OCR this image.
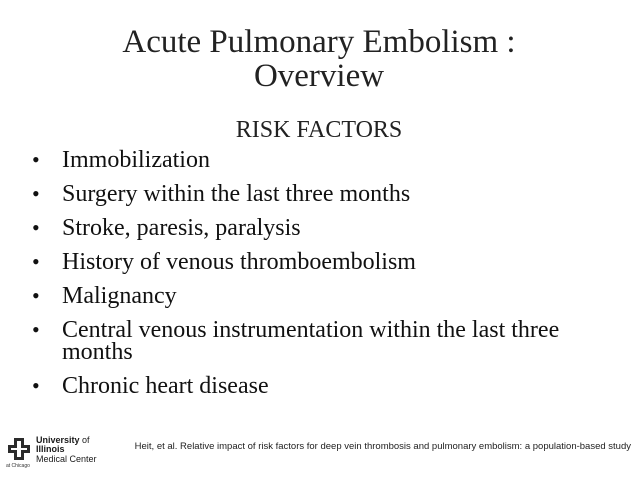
Acute Pulmonary Embolism :
Overview
RISK FACTORS
• Immobilization
• Surgery within the last three months
• Stroke, paresis, paralysis
• History of venous thromboembolism
• Malignancy
• Central venous instrumentation within the last three months
• Chronic heart disease
University of
Illinois
Medical Center
at Chicago
Heit, et al. Relative impact of risk factors for deep vein thrombosis and pulmonary embolism: a population-based study
